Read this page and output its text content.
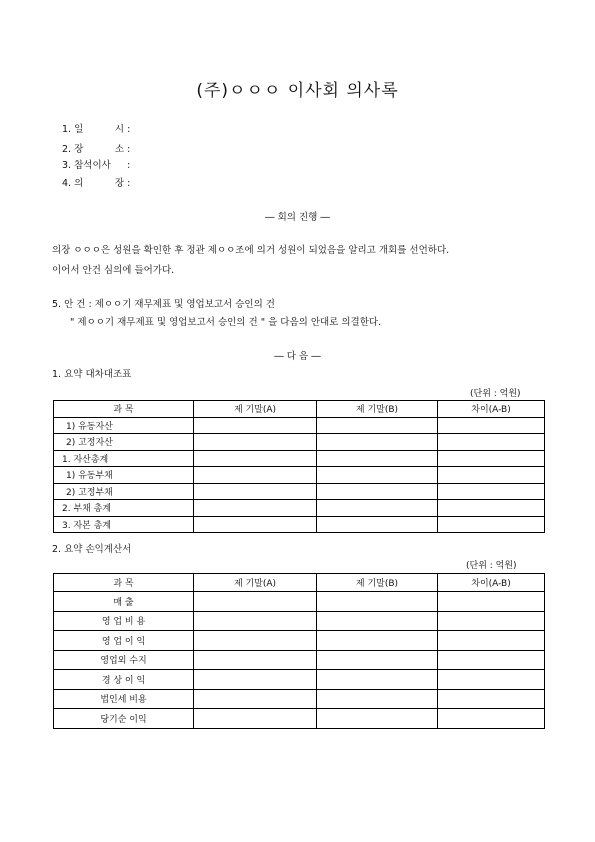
(주)ㅇㅇㅇ 이사회 의사록
1. 일 시 :
2. 장 소 :
3. 참석이사 :
4. 의 장 :
― 회의 진행 ―
의장 ㅇㅇㅇ은 성원을 확인한 후 정관 제ㅇㅇ조에 의거 성원이 되었음을 알리고 개회를 선언하다.
이어서 안건 심의에 들어가다.
5. 안 건 : 제ㅇㅇ기 재무제표 및 영업보고서 승인의 건
" 제ㅇㅇ기 재무제표 및 영업보고서 승인의 건 " 을 다음의 안대로 의결한다.
― 다 음 ―
1. 요약 대차대조표
(단위 : 억원)
과 목	제 기말(A)	제 기말(B)	차이(A-B)
1) 유동자산			
2) 고정자산			
1. 자산총계			
1) 유동부채			
2) 고정부채			
2. 부채 총계			
3. 자본 총계			
2. 요약 손익계산서
(단위 : 억원)
과 목	제 기말(A)	제 기말(B)	차이(A-B)
매 출			
영 업 비 용			
영 업 이 익			
영업외 수지			
경 상 이 익			
법인세 비용			
당기순 이익			
